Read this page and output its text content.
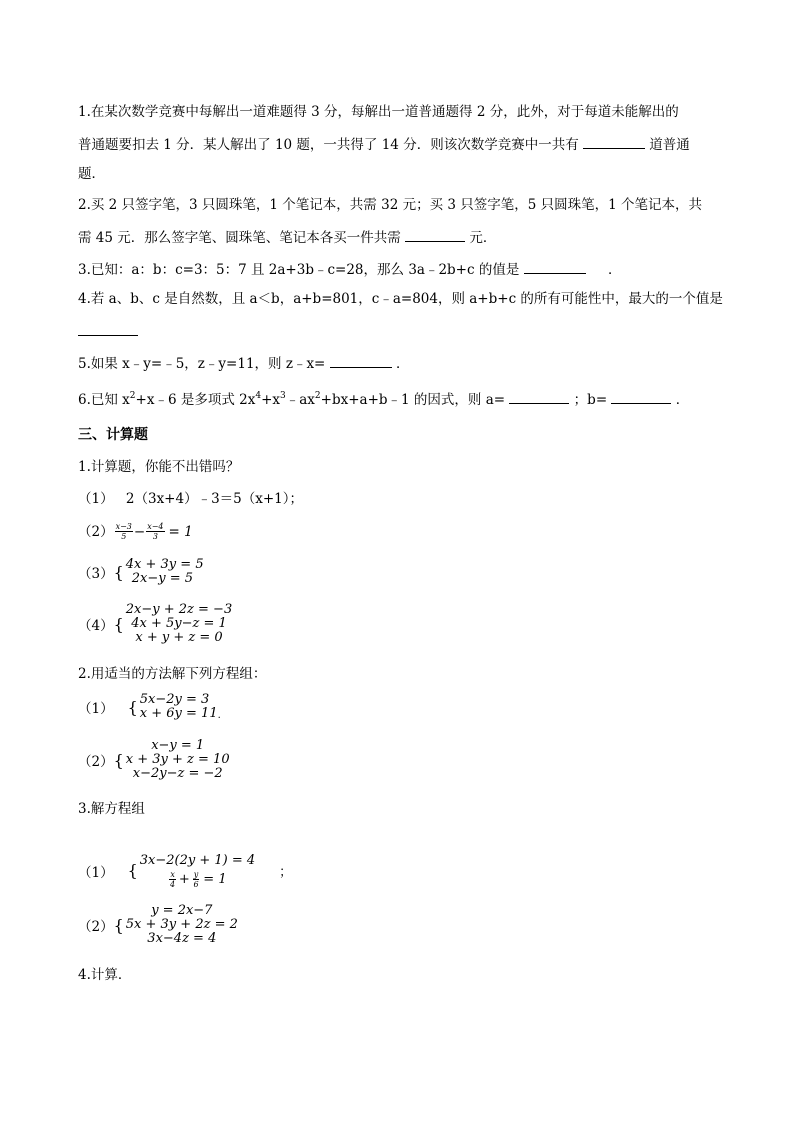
1.在某次数学竞赛中每解出一道难题得 3 分，每解出一道普通题得 2 分，此外，对于每道未能解出的
普通题要扣去 1 分．某人解出了 10 题，一共得了 14 分．则该次数学竞赛中一共有	道普通
题．
2.买 2 只签字笔，3 只圆珠笔，1 个笔记本，共需 32 元；买 3 只签字笔，5 只圆珠笔，1 个笔记本，共
需 45 元．那么签字笔、圆珠笔、笔记本各买一件共需	元．
3.已知：a：b：c=3：5：7 且 2a+3b﹣c=28，那么 3a﹣2b+c 的值是	．
4.若 a、b、c 是自然数，且 a＜b，a+b=801，c﹣a=804，则 a+b+c 的所有可能性中，最大的一个值是
5.如果 x﹣y=﹣5，z﹣y=11，则 z﹣x=	．
6.已知 $x^2+x﹣6$ 是多项式 $2x^4+x^3﹣ax^2+bx+a+b﹣1$ 的因式，则 a=	；b=	．
三、计算题
1.计算题，你能不出错吗？
（1） 2（3x+4）﹣3＝5（x+1）；
$(2) \frac{x-3}{5} - \frac{x-4}{3} = 1$
（3） { 4x + 3y = 5
2x−y = 5
（4） {
2x−y + 2z = −3
4x + 5y−z = 1
x + y + z = 0
2.用适当的方法解下列方程组：
（1） { 5x−2y = 3
x + 6y = 11 .
（2） {
x−y = 1
x + 3y + z = 10
x−2y−z = −2
3.解方程组
（1） {
3x−2(2y + 1) = 4
$\frac{x}{4} + \frac{y}{6} = 1$	；
（2） {
y = 2x−7
5x + 3y + 2z = 2
3x−4z = 4
4.计算．
